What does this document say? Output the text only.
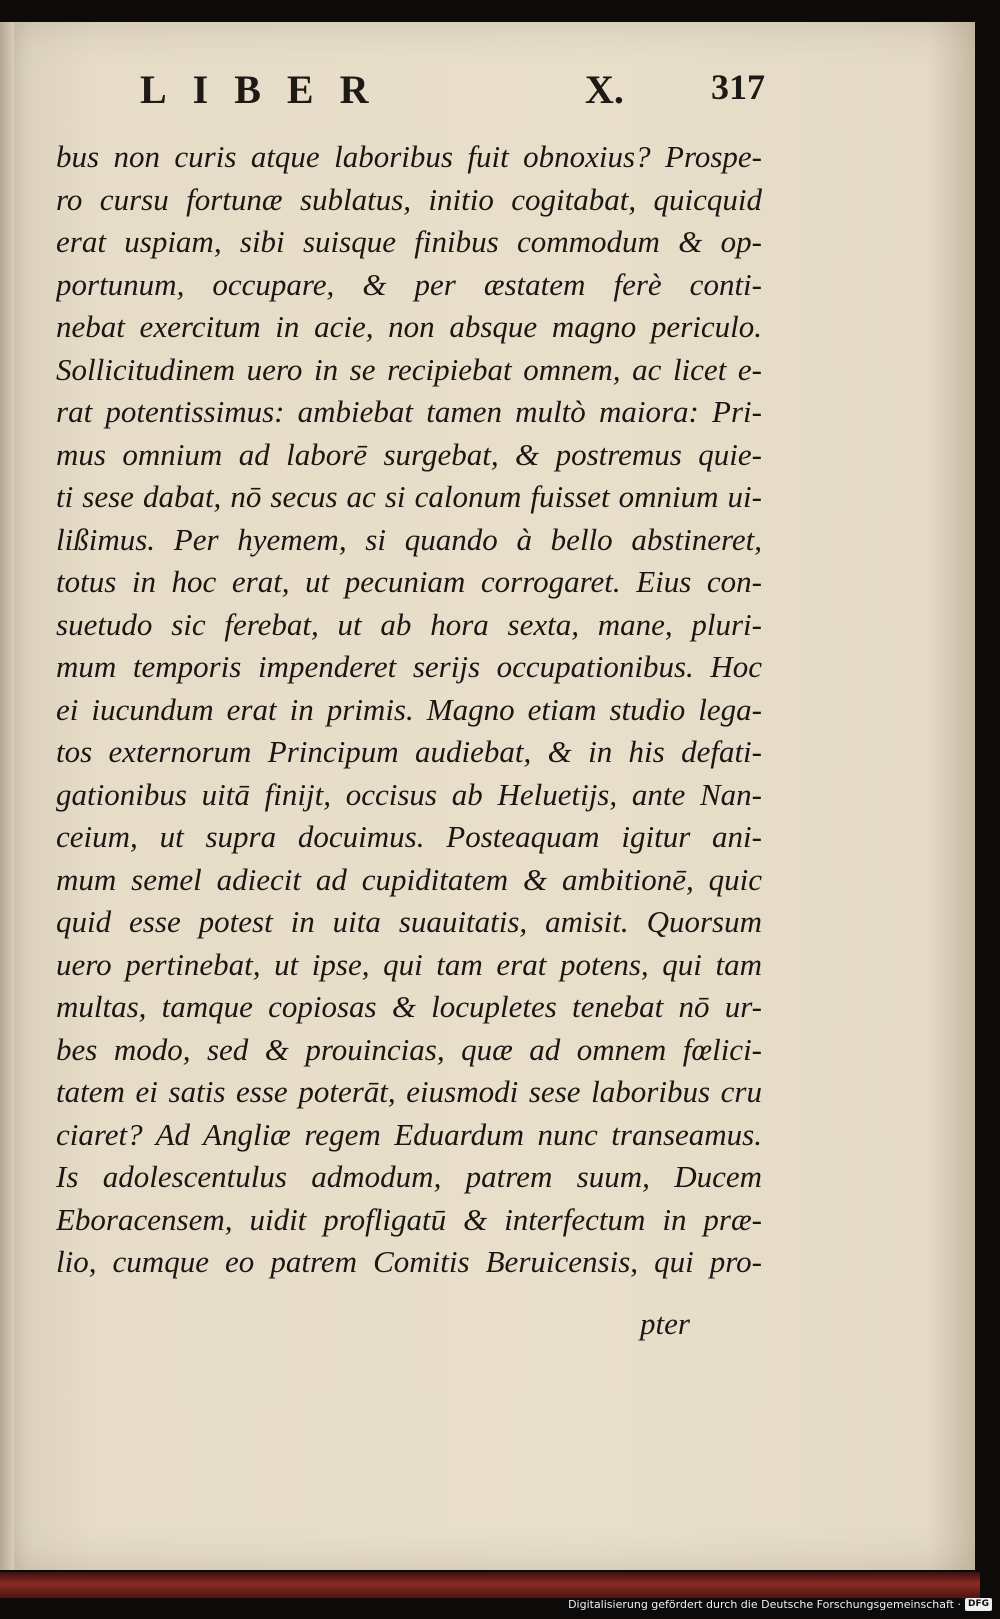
LIBER	X. 317
bus non curis atque laboribus fuit obnoxius? Prospe-
ro cursu fortunæ sublatus, initio cogitabat, quicquid
erat uspiam, sibi suisque finibus commodum & op-
portunum, occupare, & per æstatem ferè conti-
nebat exercitum in acie, non absque magno periculo.
Sollicitudinem uero in se recipiebat omnem, ac licet e-
rat potentissimus: ambiebat tamen multò maiora: Pri-
mus omnium ad laborē surgebat, & postremus quie-
ti sese dabat, nō secus ac si calonum fuisset omnium ui-
lißimus. Per hyemem, si quando à bello abstineret,
totus in hoc erat, ut pecuniam corrogaret. Eius con-
suetudo sic ferebat, ut ab hora sexta, mane, pluri-
mum temporis impenderet serijs occupationibus. Hoc
ei iucundum erat in primis. Magno etiam studio lega-
tos externorum Principum audiebat, & in his defati-
gationibus uitā finijt, occisus ab Heluetijs, ante Nan-
ceium, ut supra docuimus. Posteaquam igitur ani-
mum semel adiecit ad cupiditatem & ambitionē, quic
quid esse potest in uita suauitatis, amisit. Quorsum
uero pertinebat, ut ipse, qui tam erat potens, qui tam
multas, tamque copiosas & locupletes tenebat nō ur-
bes modo, sed & prouincias, quæ ad omnem fœlici-
tatem ei satis esse poterāt, eiusmodi sese laboribus cru
ciaret? Ad Angliæ regem Eduardum nunc transeamus.
Is adolescentulus admodum, patrem suum, Ducem
Eboracensem, uidit profligatū & interfectum in præ-
lio, cumque eo patrem Comitis Beruicensis, qui pro-
pter
Digitalisierung gefördert durch die Deutsche Forschungsgemeinschaft · DFG
